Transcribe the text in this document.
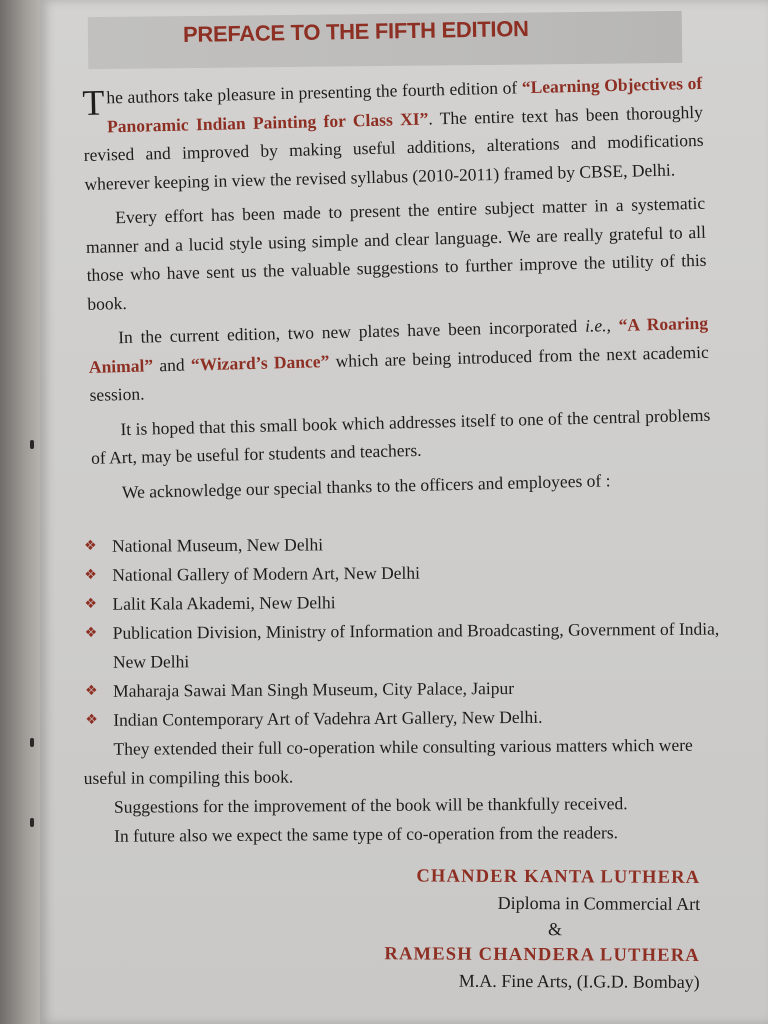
PREFACE TO THE FIFTH EDITION

The authors take pleasure in presenting the fourth edition of “Learning Objectives of Panoramic Indian Painting for Class XI”. The entire text has been thoroughly revised and improved by making useful additions, alterations and modifications wherever keeping in view the revised syllabus (2010-2011) framed by CBSE, Delhi.

Every effort has been made to present the entire subject matter in a systematic manner and a lucid style using simple and clear language. We are really grateful to all those who have sent us the valuable suggestions to further improve the utility of this book.

In the current edition, two new plates have been incorporated i.e., “A Roaring Animal” and “Wizard’s Dance” which are being introduced from the next academic session.

It is hoped that this small book which addresses itself to one of the central problems of Art, may be useful for students and teachers.

We acknowledge our special thanks to the officers and employees of :

❖ National Museum, New Delhi
❖ National Gallery of Modern Art, New Delhi
❖ Lalit Kala Akademi, New Delhi
❖ Publication Division, Ministry of Information and Broadcasting, Government of India, New Delhi
❖ Maharaja Sawai Man Singh Museum, City Palace, Jaipur
❖ Indian Contemporary Art of Vadehra Art Gallery, New Delhi.

They extended their full co-operation while consulting various matters which were useful in compiling this book.

Suggestions for the improvement of the book will be thankfully received.

In future also we expect the same type of co-operation from the readers.

CHANDER KANTA LUTHERA
Diploma in Commercial Art
&
RAMESH CHANDERA LUTHERA
M.A. Fine Arts, (I.G.D. Bombay)
